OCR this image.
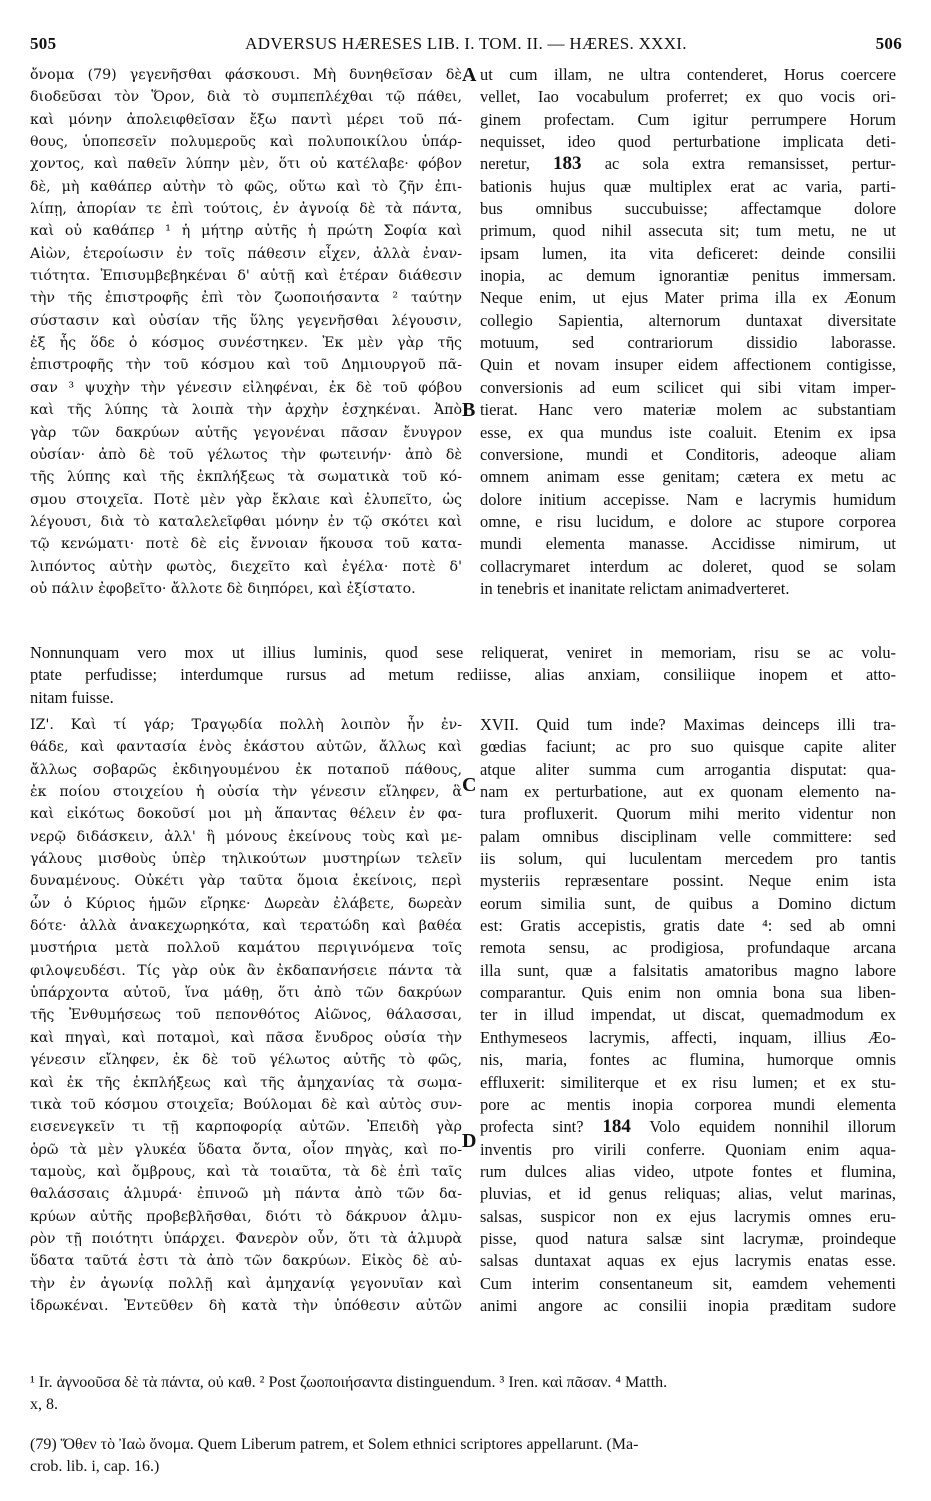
505	ADVERSUS HÆRESES LIB. I. TOM. II. — HÆRES. XXXI.	506
ὄνομα (79) γεγενῆσθαι φάσκουσι. Μὴ δυνηθεῖσαν δὲ
διοδεῦσαι τὸν Ὅρον, διὰ τὸ συμπεπλέχθαι τῷ πάθει,
καὶ μόνην ἀπολειφθεῖσαν ἔξω παντὶ μέρει τοῦ πά-
θους, ὑποπεσεῖν πολυμεροῦς καὶ πολυποικίλου ὑπάρ-
χοντος, καὶ παθεῖν λύπην μὲν, ὅτι οὐ κατέλαβε· φόβον
δὲ, μὴ καθάπερ αὐτὴν τὸ φῶς, οὕτω καὶ τὸ ζῆν ἐπι-
λίπῃ, ἀπορίαν τε ἐπὶ τούτοις, ἐν ἀγνοίᾳ δὲ τὰ πάντα,
καὶ οὐ καθάπερ ¹ ἡ μήτηρ αὐτῆς ἡ πρώτη Σοφία καὶ
Αἰὼν, ἑτεροίωσιν ἐν τοῖς πάθεσιν εἶχεν, ἀλλὰ ἐναν-
τιότητα. Ἐπισυμβεβηκέναι δ' αὐτῇ καὶ ἑτέραν διάθεσιν
τὴν τῆς ἐπιστροφῆς ἐπὶ τὸν ζωοποιήσαντα ² ταύτην
σύστασιν καὶ οὐσίαν τῆς ὕλης γεγενῆσθαι λέγουσιν,
ἐξ ἧς ὅδε ὁ κόσμος συνέστηκεν. Ἐκ μὲν γὰρ τῆς
ἐπιστροφῆς τὴν τοῦ κόσμου καὶ τοῦ Δημιουργοῦ πᾶ-
σαν ³ ψυχὴν τὴν γένεσιν εἰληφέναι, ἐκ δὲ τοῦ φόβου
καὶ τῆς λύπης τὰ λοιπὰ τὴν ἀρχὴν ἐσχηκέναι. Ἀπὸ
γὰρ τῶν δακρύων αὐτῆς γεγονέναι πᾶσαν ἔνυγρον
οὐσίαν· ἀπὸ δὲ τοῦ γέλωτος τὴν φωτεινήν· ἀπὸ δὲ
τῆς λύπης καὶ τῆς ἐκπλήξεως τὰ σωματικὰ τοῦ κό-
σμου στοιχεῖα. Ποτὲ μὲν γὰρ ἔκλαιε καὶ ἐλυπεῖτο, ὡς
λέγουσι, διὰ τὸ καταλελεῖφθαι μόνην ἐν τῷ σκότει καὶ
τῷ κενώματι· ποτὲ δὲ εἰς ἔννοιαν ἥκουσα τοῦ κατα-
λιπόντος αὐτὴν φωτὸς, διεχεῖτο καὶ ἐγέλα· ποτὲ δ'
οὐ πάλιν ἐφοβεῖτο· ἄλλοτε δὲ διηπόρει, καὶ ἐξίστατο.
ut cum illam, ne ultra contenderet, Horus coercere
vellet, Iao vocabulum proferret; ex quo vocis ori-
ginem profectam. Cum igitur perrumpere Horum
nequisset, ideo quod perturbatione implicata deti-
neretur, 183 ac sola extra remansisset, pertur-
bationis hujus quæ multiplex erat ac varia, parti-
bus omnibus succubuisse; affectamque dolore
primum, quod nihil assecuta sit; tum metu, ne ut
ipsam lumen, ita vita deficeret: deinde consilii
inopia, ac demum ignorantiæ penitus immersam.
Neque enim, ut ejus Mater prima illa ex Æonum
collegio Sapientia, alternorum duntaxat diversitate
motuum, sed contrariorum dissidio laborasse.
Quin et novam insuper eidem affectionem contigisse,
conversionis ad eum scilicet qui sibi vitam imper-
tierat. Hanc vero materiæ molem ac substantiam
esse, ex qua mundus iste coaluit. Etenim ex ipsa
conversione, mundi et Conditoris, adeoque aliam
omnem animam esse genitam; cætera ex metu ac
dolore initium accepisse. Nam e lacrymis humidum
omne, e risu lucidum, e dolore ac stupore corporea
mundi elementa manasse. Accidisse nimirum, ut
collacrymaret interdum ac doleret, quod se solam
in tenebris et inanitate relictam animadverteret.
A
B
C
D
Nonnunquam vero mox ut illius luminis, quod sese reliquerat, veniret in memoriam, risu se ac volu-
ptate perfudisse; interdumque rursus ad metum rediisse, alias anxiam, consiliique inopem et atto-
nitam fuisse.
ΙΖ'. Καὶ τί γάρ; Τραγῳδία πολλὴ λοιπὸν ἦν ἐν-
θάδε, καὶ φαντασία ἑνὸς ἑκάστου αὐτῶν, ἄλλως καὶ
ἄλλως σοβαρῶς ἐκδιηγουμένου ἐκ ποταποῦ πάθους,
ἐκ ποίου στοιχείου ἡ οὐσία τὴν γένεσιν εἴληφεν, ἃ
καὶ εἰκότως δοκοῦσί μοι μὴ ἅπαντας θέλειν ἐν φα-
νερῷ διδάσκειν, ἀλλ' ἢ μόνους ἐκείνους τοὺς καὶ με-
γάλους μισθοὺς ὑπὲρ τηλικούτων μυστηρίων τελεῖν
δυναμένους. Οὐκέτι γὰρ ταῦτα ὅμοια ἐκείνοις, περὶ
ὧν ὁ Κύριος ἡμῶν εἴρηκε· Δωρεὰν ἐλάβετε, δωρεὰν
δότε· ἀλλὰ ἀνακεχωρηκότα, καὶ τερατώδη καὶ βαθέα
μυστήρια μετὰ πολλοῦ καμάτου περιγινόμενα τοῖς
φιλοψευδέσι. Τίς γὰρ οὐκ ἂν ἐκδαπανήσειε πάντα τὰ
ὑπάρχοντα αὐτοῦ, ἵνα μάθῃ, ὅτι ἀπὸ τῶν δακρύων
τῆς Ἐνθυμήσεως τοῦ πεπονθότος Αἰῶνος, θάλασσαι,
καὶ πηγαὶ, καὶ ποταμοὶ, καὶ πᾶσα ἔνυδρος οὐσία τὴν
γένεσιν εἴληφεν, ἐκ δὲ τοῦ γέλωτος αὐτῆς τὸ φῶς,
καὶ ἐκ τῆς ἐκπλήξεως καὶ τῆς ἀμηχανίας τὰ σωμα-
τικὰ τοῦ κόσμου στοιχεῖα; Βούλομαι δὲ καὶ αὐτὸς συν-
εισενεγκεῖν τι τῇ καρποφορίᾳ αὐτῶν. Ἐπειδὴ γὰρ
ὁρῶ τὰ μὲν γλυκέα ὕδατα ὄντα, οἷον πηγὰς, καὶ πο-
ταμοὺς, καὶ ὄμβρους, καὶ τὰ τοιαῦτα, τὰ δὲ ἐπὶ ταῖς
θαλάσσαις ἁλμυρά· ἐπινοῶ μὴ πάντα ἀπὸ τῶν δα-
κρύων αὐτῆς προβεβλῆσθαι, διότι τὸ δάκρυον ἁλμυ-
ρὸν τῇ ποιότητι ὑπάρχει. Φανερὸν οὖν, ὅτι τὰ ἁλμυρὰ
ὕδατα ταῦτά ἐστι τὰ ἀπὸ τῶν δακρύων. Εἰκὸς δὲ αὐ-
τὴν ἐν ἀγωνίᾳ πολλῇ καὶ ἀμηχανίᾳ γεγονυῖαν καὶ
ἱδρωκέναι. Ἐντεῦθεν δὴ κατὰ τὴν ὑπόθεσιν αὐτῶν
XVII. Quid tum inde? Maximas deinceps illi tra-
gœdias faciunt; ac pro suo quisque capite aliter
atque aliter summa cum arrogantia disputat: qua-
nam ex perturbatione, aut ex quonam elemento na-
tura profluxerit. Quorum mihi merito videntur non
palam omnibus disciplinam velle committere: sed
iis solum, qui luculentam mercedem pro tantis
mysteriis repræsentare possint. Neque enim ista
eorum similia sunt, de quibus a Domino dictum
est: Gratis accepistis, gratis date ⁴: sed ab omni
remota sensu, ac prodigiosa, profundaque arcana
illa sunt, quæ a falsitatis amatoribus magno labore
comparantur. Quis enim non omnia bona sua liben-
ter in illud impendat, ut discat, quemadmodum ex
Enthymeseos lacrymis, affecti, inquam, illius Æo-
nis, maria, fontes ac flumina, humorque omnis
effluxerit: similiterque et ex risu lumen; et ex stu-
pore ac mentis inopia corporea mundi elementa
profecta sint? 184 Volo equidem nonnihil illorum
inventis pro virili conferre. Quoniam enim aqua-
rum dulces alias video, utpote fontes et flumina,
pluvias, et id genus reliquas; alias, velut marinas,
salsas, suspicor non ex ejus lacrymis omnes eru-
pisse, quod natura salsæ sint lacrymæ, proindeque
salsas duntaxat aquas ex ejus lacrymis enatas esse.
Cum interim consentaneum sit, eamdem vehementi
animi angore ac consilii inopia præditam sudore
¹ Ir. ἀγνοοῦσα δὲ τὰ πάντα, οὐ καθ. ² Post ζωοποιήσαντα distinguendum. ³ Iren. καὶ πᾶσαν. ⁴ Matth.
x, 8.
(79) Ὅθεν τὸ Ἰαὼ ὄνομα. Quem Liberum patrem, et Solem ethnici scriptores appellarunt. (Ma-
crob. lib. i, cap. 16.)
